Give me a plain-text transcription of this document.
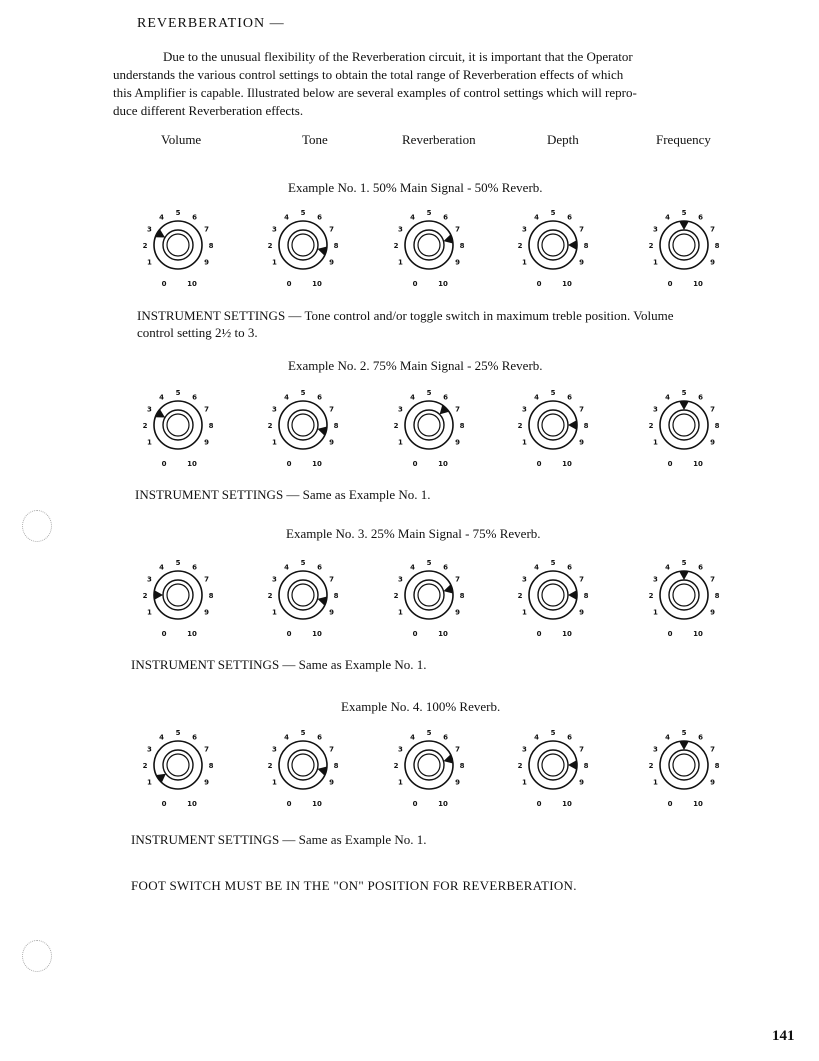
REVERBERATION —
Due to the unusual flexibility of the Reverberation circuit, it is important that the Operator
understands the various control settings to obtain the total range of Reverberation effects of which
this Amplifier is capable. Illustrated below are several examples of control settings which will repro-
duce different Reverberation effects.
Volume	Tone	Reverberation	Depth	Frequency
Example No. 1. 50% Main Signal - 50% Reverb.
0
1
2
3
4
5
6
7
8
9
10	0
1
2
3
4
5
6
7
8
9
10	0
1
2
3
4
5
6
7
8
9
10	0
1
2
3
4
5
6
7
8
9
10	0
1
2
3
4
5
6
7
8
9
10
INSTRUMENT SETTINGS — Tone control and/or toggle switch in maximum treble position. Volume
control setting 2½ to 3.
Example No. 2. 75% Main Signal - 25% Reverb.
0
1
2
3
4
5
6
7
8
9
10	0
1
2
3
4
5
6
7
8
9
10	0
1
2
3
4
5
6
7
8
9
10	0
1
2
3
4
5
6
7
8
9
10	0
1
2
3
4
5
6
7
8
9
10
INSTRUMENT SETTINGS — Same as Example No. 1.
Example No. 3. 25% Main Signal - 75% Reverb.
0
1
2
3
4
5
6
7
8
9
10	0
1
2
3
4
5
6
7
8
9
10	0
1
2
3
4
5
6
7
8
9
10	0
1
2
3
4
5
6
7
8
9
10	0
1
2
3
4
5
6
7
8
9
10
INSTRUMENT SETTINGS — Same as Example No. 1.
Example No. 4. 100% Reverb.
0
1
2
3
4
5
6
7
8
9
10	0
1
2
3
4
5
6
7
8
9
10	0
1
2
3
4
5
6
7
8
9
10	0
1
2
3
4
5
6
7
8
9
10	0
1
2
3
4
5
6
7
8
9
10
INSTRUMENT SETTINGS — Same as Example No. 1.
FOOT SWITCH MUST BE IN THE "ON" POSITION FOR REVERBERATION.
141
